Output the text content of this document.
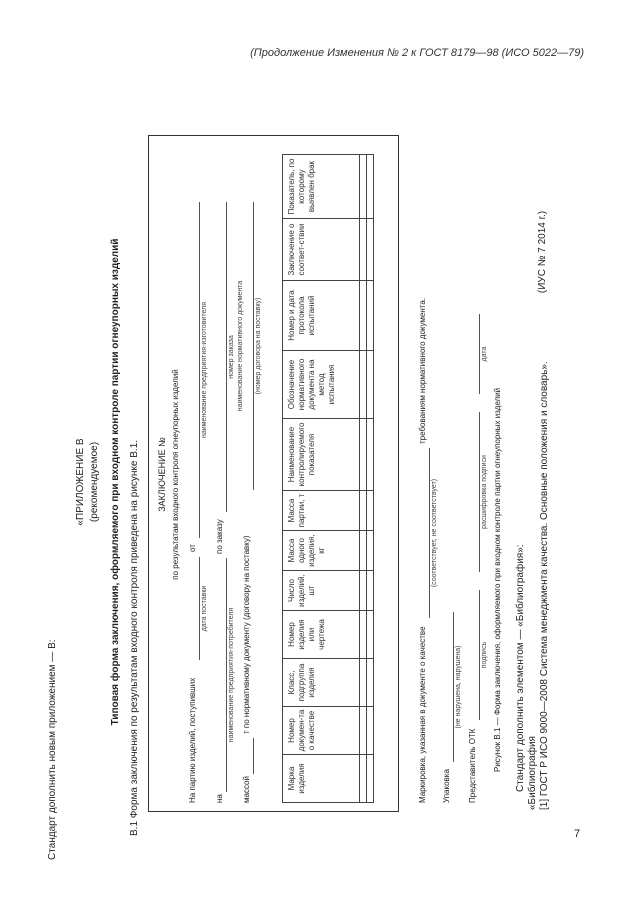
(Продолжение Изменения № 2 к ГОСТ 8179—98 (ИСО 5022—79)
Стандарт дополнить новым приложением — В:
«ПРИЛОЖЕНИЕ В (рекомендуемое) Типовая форма заключения, оформляемого при входном контроле партии огнеупорных изделий В.1 Форма заключения по результатам входного контроля приведена на рисунке В.1. ЗАКЛЮЧЕНИЕ № по результатам входного контроля огнеупорных изделий
На партию изделий, поступивших
от
дата поставки
наименование предприятия-изготовителя
на
по заказу
наименование предприятия-потребителя
номер заказа
массой
т по нормативному документу (договору на поставку)
наименование нормативного документа (номер договора на поставку)
Марка изделия	Номер докумен-та о качестве	Класс, подгруппа изделия	Номер изделия или чертежа	Число изделий, шт	Масса одного изделия, кг	Масса партии, т	Наименование контролируемого показателя	Обозначение нормативного документа на метод испытания	Номер и дата протокола испытаний	Заключение о соответ-ствии	Показатель, по которому выявлен брак

Маркировка, указанная в документе о качестве
требованиям нормативного документа.
(соответствует, не соответствует)
Упаковка
(не нарушена, нарушена)
Представитель ОТК
подпись
расшифровка подписи
дата
Рисунок В.1 — Форма заключения, оформляемого при входном контроле партии огнеупорных изделий Стандарт дополнить элементом — «Библиография»: «Библиография [1] ГОСТ Р ИСО 9000—2008 Система менеджмента качества. Основные положения и словарь».
(ИУС № 7 2014 г.)
7
